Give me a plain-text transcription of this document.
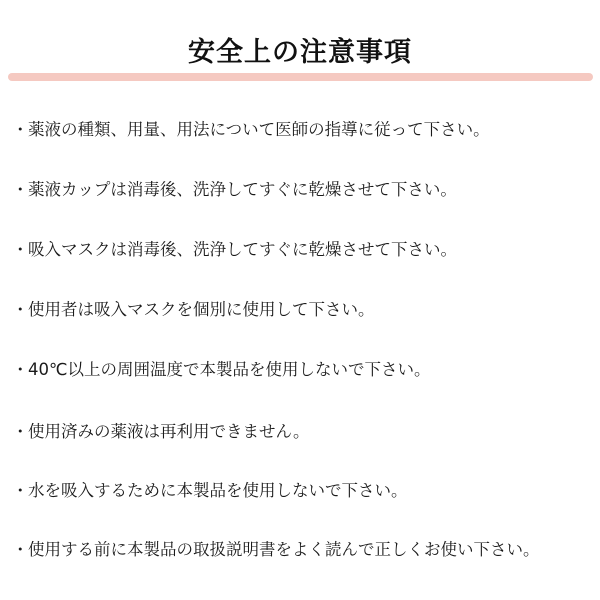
安全上の注意事項
・薬液の種類、用量、用法について医師の指導に従って下さい。
・薬液カップは消毒後、洗浄してすぐに乾燥させて下さい。
・吸入マスクは消毒後、洗浄してすぐに乾燥させて下さい。
・使用者は吸入マスクを個別に使用して下さい。
・40℃以上の周囲温度で本製品を使用しないで下さい。
・使用済みの薬液は再利用できません。
・水を吸入するために本製品を使用しないで下さい。
・使用する前に本製品の取扱説明書をよく読んで正しくお使い下さい。
